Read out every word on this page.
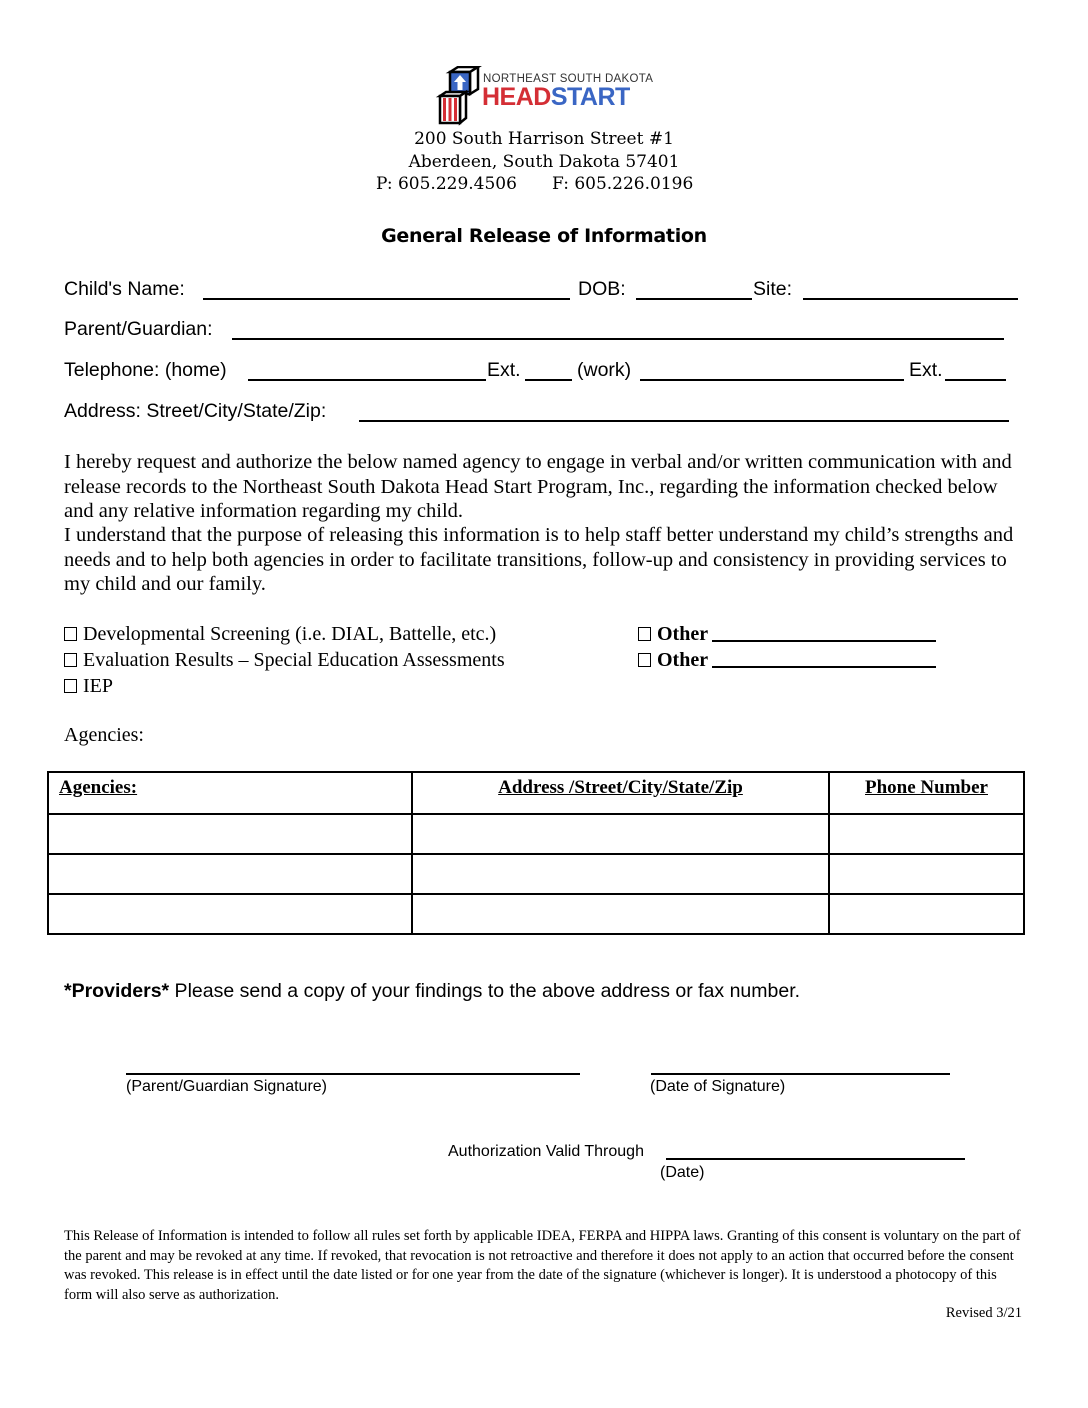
NORTHEAST SOUTH DAKOTA
HEADSTART
200 South Harrison Street #1
Aberdeen, South Dakota 57401
P: 605.229.4506 F: 605.226.0196
General Release of Information
Child's Name:	DOB:	Site:
Parent/Guardian:
Telephone: (home)	Ext.	(work)	Ext.
Address: Street/City/State/Zip:
I hereby request and authorize the below named agency to engage in verbal and/or written communication with and release records to the Northeast South Dakota Head Start Program, Inc., regarding the information checked below and any relative information regarding my child.
I understand that the purpose of releasing this information is to help staff better understand my child’s strengths and needs and to help both agencies in order to facilitate transitions, follow-up and consistency in providing services to my child and our family.
Developmental Screening (i.e. DIAL, Battelle, etc.)
Evaluation Results – Special Education Assessments
IEP
Other
Other
Agencies:
Agencies:	Address /Street/City/State/Zip	Phone Number

*Providers* Please send a copy of your findings to the above address or fax number.
(Parent/Guardian Signature)	(Date of Signature)
Authorization Valid Through
(Date)
This Release of Information is intended to follow all rules set forth by applicable IDEA, FERPA and HIPPA laws. Granting of this consent is voluntary on the part of the parent and may be revoked at any time. If revoked, that revocation is not retroactive and therefore it does not apply to an action that occurred before the consent was revoked. This release is in effect until the date listed or for one year from the date of the signature (whichever is longer). It is understood a photocopy of this form will also serve as authorization.
Revised 3/21
